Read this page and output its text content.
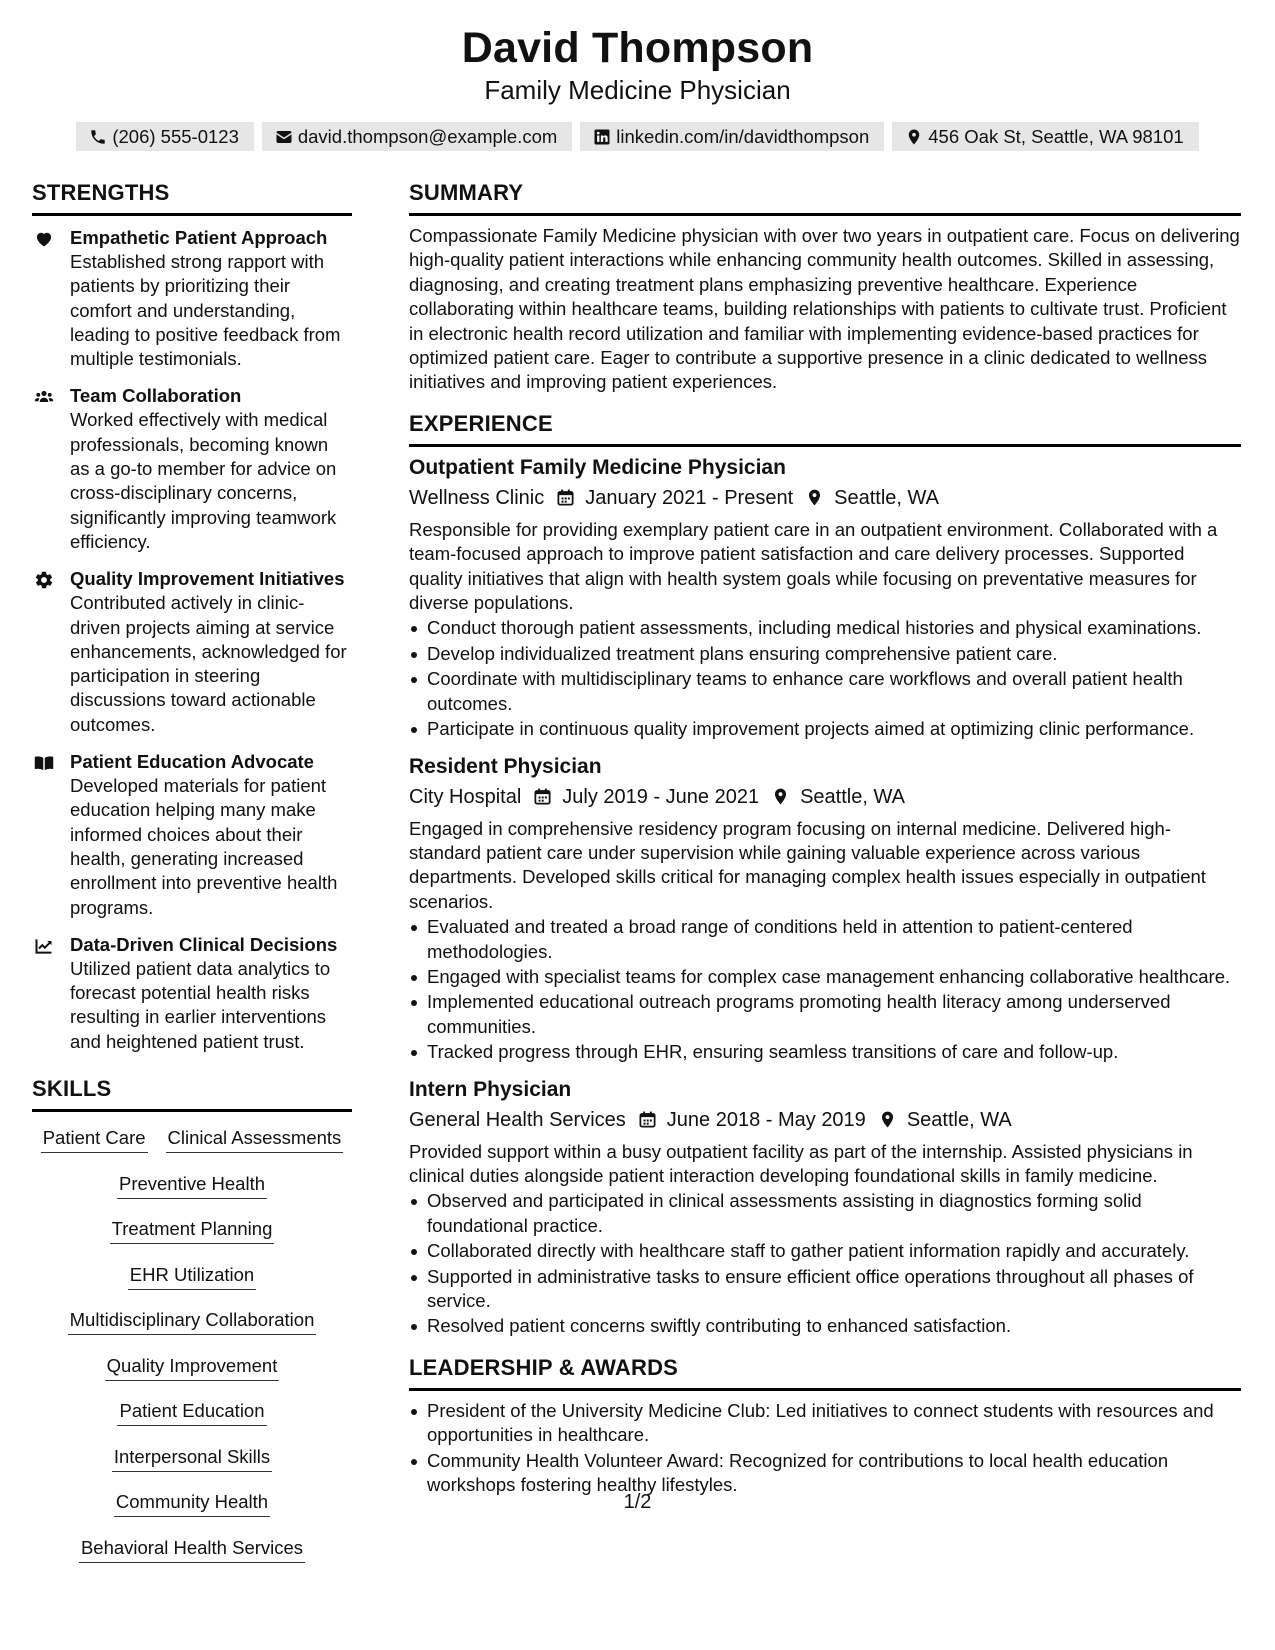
David Thompson
Family Medicine Physician
(206) 555-0123	david.thompson@example.com	linkedin.com/in/davidthompson	456 Oak St, Seattle, WA 98101
STRENGTHS
Empathetic Patient Approach
Established strong rapport with patients by prioritizing their comfort and understanding, leading to positive feedback from multiple testimonials.
Team Collaboration
Worked effectively with medical professionals, becoming known as a go-to member for advice on cross-disciplinary concerns, significantly improving teamwork efficiency.
Quality Improvement Initiatives
Contributed actively in clinic-driven projects aiming at service enhancements, acknowledged for participation in steering discussions toward actionable outcomes.
Patient Education Advocate
Developed materials for patient education helping many make informed choices about their health, generating increased enrollment into preventive health programs.
Data-Driven Clinical Decisions
Utilized patient data analytics to forecast potential health risks resulting in earlier interventions and heightened patient trust.
SKILLS
Patient Care Clinical Assessments
Preventive Health
Treatment Planning
EHR Utilization
Multidisciplinary Collaboration
Quality Improvement
Patient Education
Interpersonal Skills
Community Health
Behavioral Health Services
SUMMARY
Compassionate Family Medicine physician with over two years in outpatient care. Focus on delivering high-quality patient interactions while enhancing community health outcomes. Skilled in assessing, diagnosing, and creating treatment plans emphasizing preventive healthcare. Experience collaborating within healthcare teams, building relationships with patients to cultivate trust. Proficient in electronic health record utilization and familiar with implementing evidence-based practices for optimized patient care. Eager to contribute a supportive presence in a clinic dedicated to wellness initiatives and improving patient experiences.
EXPERIENCE
Outpatient Family Medicine Physician
Wellness Clinic January 2021 - Present Seattle, WA
Responsible for providing exemplary patient care in an outpatient environment. Collaborated with a team-focused approach to improve patient satisfaction and care delivery processes. Supported quality initiatives that align with health system goals while focusing on preventative measures for diverse populations.
Conduct thorough patient assessments, including medical histories and physical examinations.
Develop individualized treatment plans ensuring comprehensive patient care.
Coordinate with multidisciplinary teams to enhance care workflows and overall patient health outcomes.
Participate in continuous quality improvement projects aimed at optimizing clinic performance.
Resident Physician
City Hospital July 2019 - June 2021 Seattle, WA
Engaged in comprehensive residency program focusing on internal medicine. Delivered high-standard patient care under supervision while gaining valuable experience across various departments. Developed skills critical for managing complex health issues especially in outpatient scenarios.
Evaluated and treated a broad range of conditions held in attention to patient-centered methodologies.
Engaged with specialist teams for complex case management enhancing collaborative healthcare.
Implemented educational outreach programs promoting health literacy among underserved communities.
Tracked progress through EHR, ensuring seamless transitions of care and follow-up.
Intern Physician
General Health Services June 2018 - May 2019 Seattle, WA
Provided support within a busy outpatient facility as part of the internship. Assisted physicians in clinical duties alongside patient interaction developing foundational skills in family medicine.
Observed and participated in clinical assessments assisting in diagnostics forming solid foundational practice.
Collaborated directly with healthcare staff to gather patient information rapidly and accurately.
Supported in administrative tasks to ensure efficient office operations throughout all phases of service.
Resolved patient concerns swiftly contributing to enhanced satisfaction.
LEADERSHIP & AWARDS
President of the University Medicine Club: Led initiatives to connect students with resources and opportunities in healthcare.
Community Health Volunteer Award: Recognized for contributions to local health education workshops fostering healthy lifestyles.
1/2
